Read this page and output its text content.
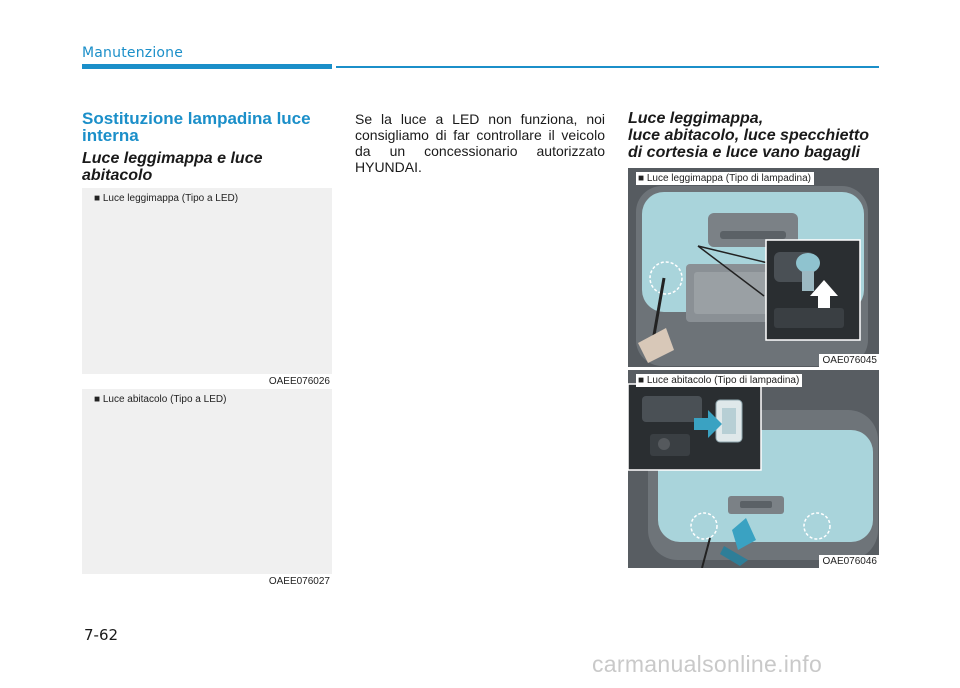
Manutenzione
Sostituzione lampadina luce interna
Luce leggimappa e luce abitacolo
■ Luce leggimappa (Tipo a LED)
OAEE076026
■ Luce abitacolo (Tipo a LED)
OAEE076027
Se la luce a LED non funziona, noi consigliamo di far controllare il veicolo da un concessionario autorizzato HYUNDAI.
Luce leggimappa,
luce abitacolo, luce specchietto
di cortesia e luce vano bagagli
■ Luce leggimappa (Tipo di lampadina)
OAE076045
■ Luce abitacolo (Tipo di lampadina)
OAE076046
7-62
carmanualsonline.info
